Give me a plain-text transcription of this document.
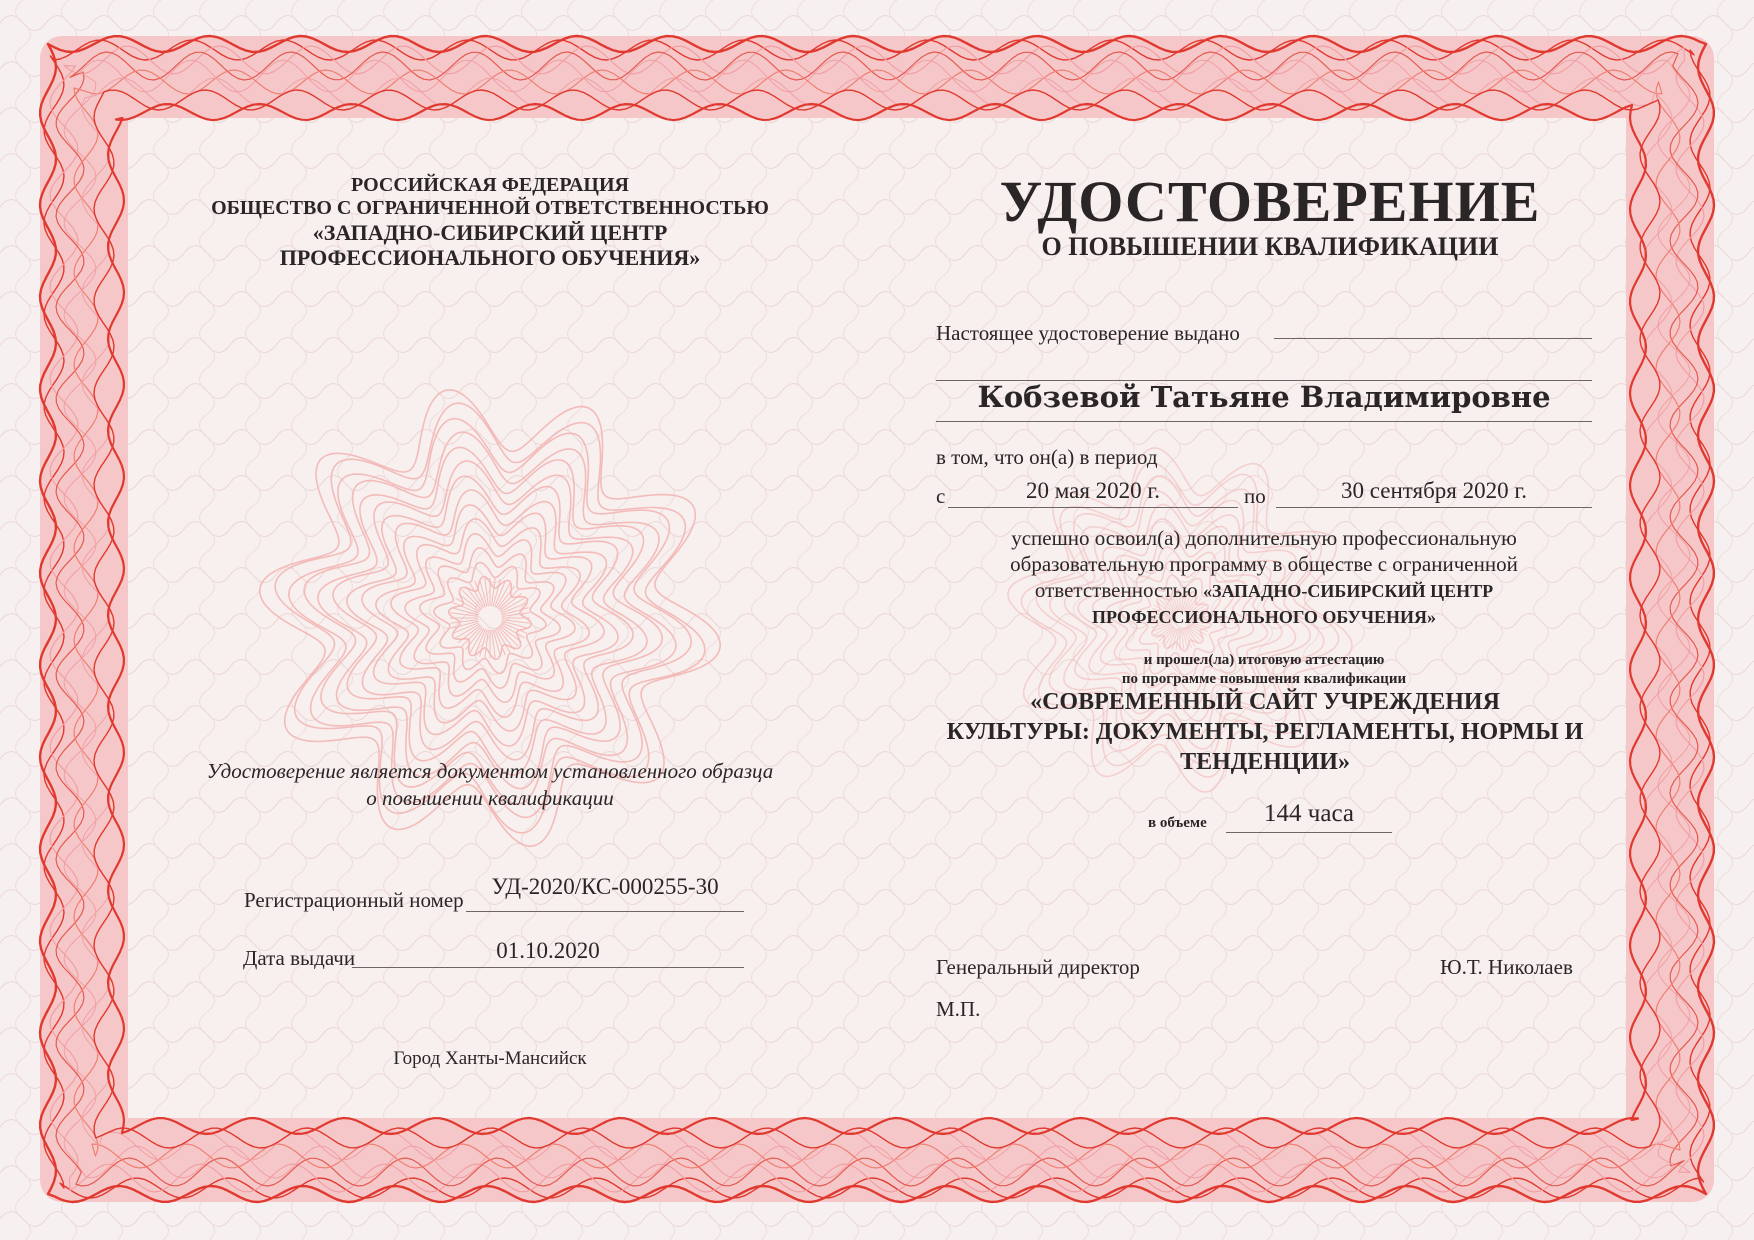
РОССИЙСКАЯ ФЕДЕРАЦИЯ
ОБЩЕСТВО С ОГРАНИЧЕННОЙ ОТВЕТСТВЕННОСТЬЮ
«ЗАПАДНО-СИБИРСКИЙ ЦЕНТР
ПРОФЕССИОНАЛЬНОГО ОБУЧЕНИЯ»
Удостоверение является документом установленного образца
о повышении квалификации
Регистрационный номер
УД-2020/КС-000255-30
Дата выдачи	01.10.2020
Город Ханты-Мансийск
УДОСТОВЕРЕНИЕ
О ПОВЫШЕНИИ КВАЛИФИКАЦИИ
Настоящее удостоверение выдано
Кобзевой Татьяне Владимировне
в том, что он(а) в период
с	20 мая 2020 г.	по	30 сентября 2020 г.
успешно освоил(а) дополнительную профессиональную
образовательную программу в обществе с ограниченной
ответственностью «ЗАПАДНО-СИБИРСКИЙ ЦЕНТР
ПРОФЕССИОНАЛЬНОГО ОБУЧЕНИЯ»
и прошел(ла) итоговую аттестацию
по программе повышения квалификации
«СОВРЕМЕННЫЙ САЙТ УЧРЕЖДЕНИЯ
КУЛЬТУРЫ: ДОКУМЕНТЫ, РЕГЛАМЕНТЫ, НОРМЫ И
ТЕНДЕНЦИИ»
в объеме	144 часа
Генеральный директор	Ю.Т. Николаев
М.П.
